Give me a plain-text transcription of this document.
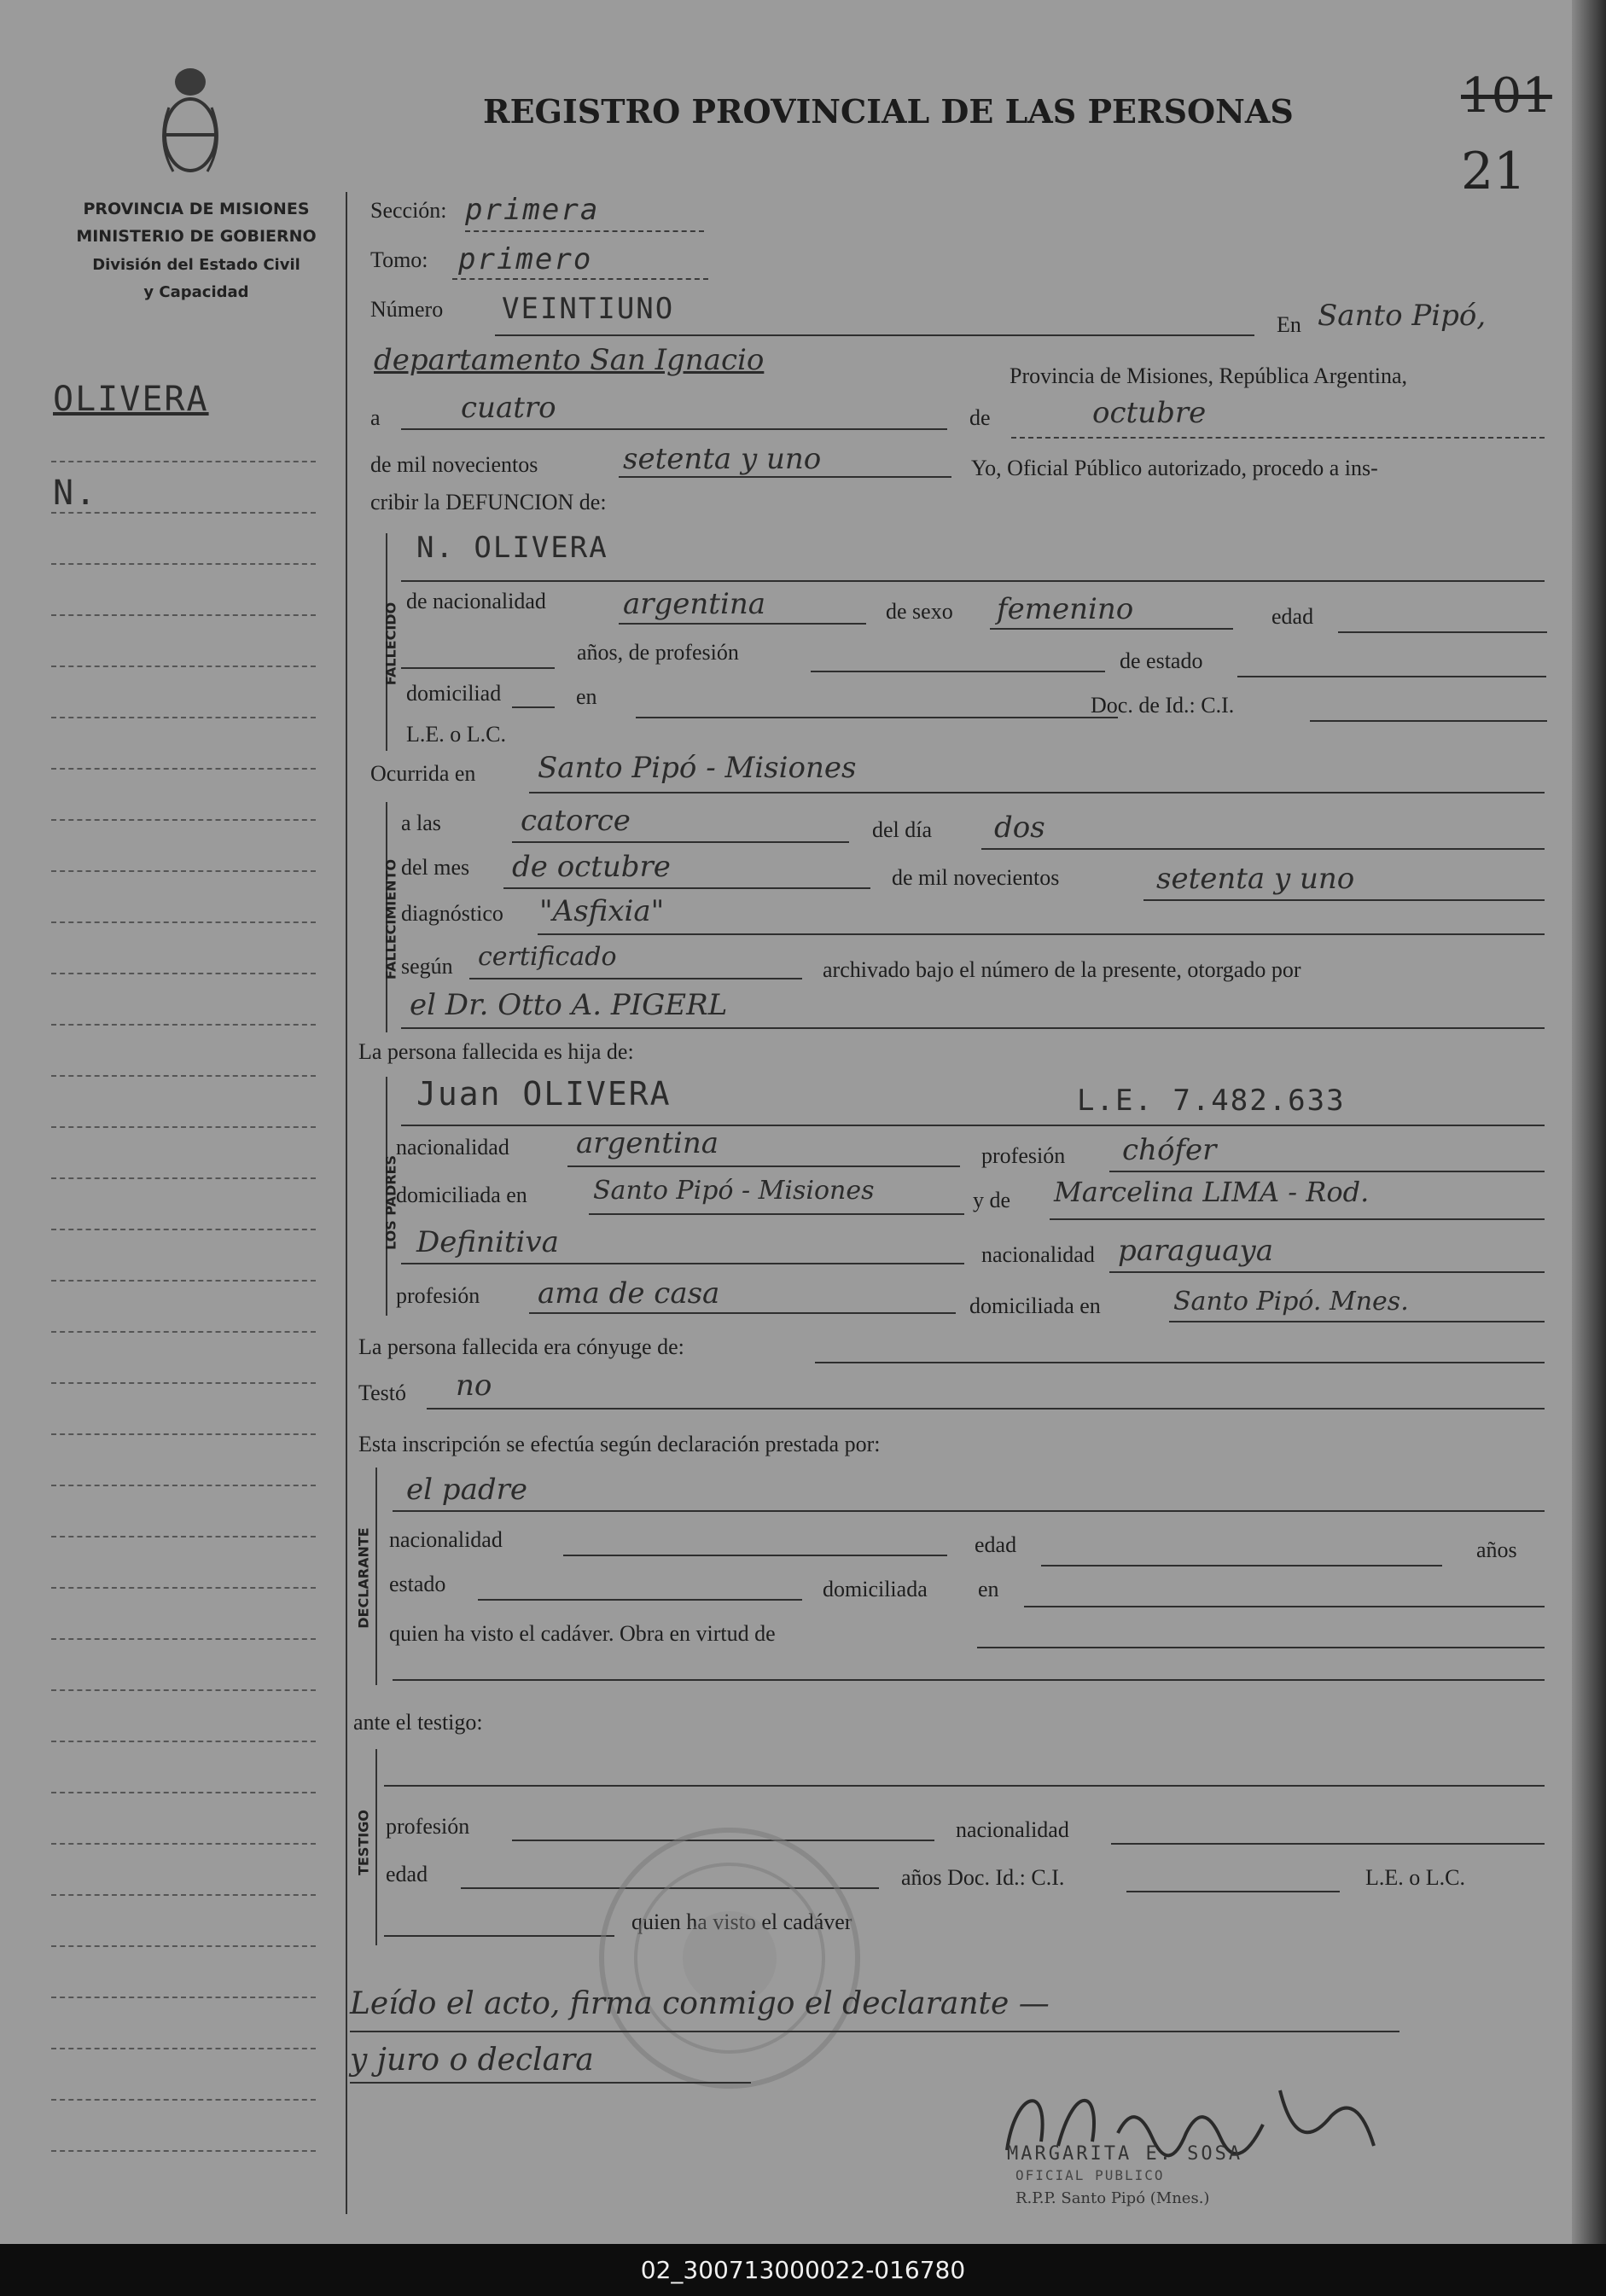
PROVINCIA DE MISIONES
MINISTERIO DE GOBIERNO
División del Estado Civil
y Capacidad
REGISTRO PROVINCIAL DE LAS PERSONAS	101
21
OLIVERA
N.
Sección: primera
Tomo: primero
Número VEINTIUNO	En Santo Pipó,
departamento San Ignacio	Provincia de Misiones, República Argentina,
a	cuatro	de	octubre
de mil novecientos	setenta y uno	Yo, Oficial Público autorizado, procedo a ins-
cribir la DEFUNCION de:
FALLECIDO
N. OLIVERA
de nacionalidad	argentina	de sexo femenino	edad
años, de profesión	de estado
domiciliad	en	Doc. de Id.: C.I.
L.E. o L.C.
Ocurrida en Santo Pipó - Misiones
FALLECIMIENTO
a las	catorce	del día dos
del mes de octubre	de mil novecientos	setenta y uno
diagnóstico "Asfixia"
según certificado	archivado bajo el número de la presente, otorgado por
el Dr. Otto A. PIGERL
La persona fallecida es hija de:
LOS PADRES
Juan OLIVERA	L.E. 7.482.633
nacionalidad argentina	profesión chófer
domiciliada en	Santo Pipó - Misiones	y de Marcelina LIMA - Rod.
Definitiva	nacionalidad paraguaya
profesión ama de casa	domiciliada en	Santo Pipó. Mnes.
La persona fallecida era cónyuge de:
Testó no
Esta inscripción se efectúa según declaración prestada por:
DECLARANTE
el padre
nacionalidad	edad	años
estado	domiciliada en
quien ha visto el cadáver. Obra en virtud de
ante el testigo:
TESTIGO profesión	nacionalidad
edad	años Doc. Id.: C.I.	L.E. o L.C.
quien ha visto el cadáver
Leído el acto, firma conmigo el declarante —
y juro o declara
MARGARITA E. SOSA
OFICIAL PUBLICO
R.P.P. Santo Pipó (Mnes.)
02_300713000022-016780
